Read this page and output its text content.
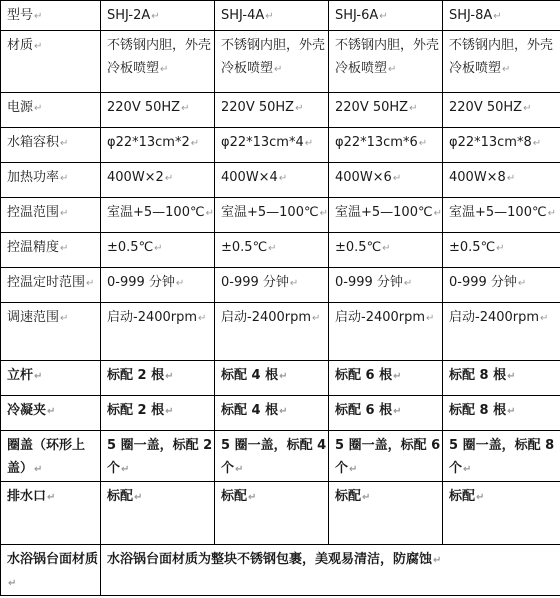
型号↵	SHJ-2A↵	SHJ-4A↵	SHJ-6A↵	SHJ-8A↵

材质↵	不锈钢内胆，外壳冷板喷塑↵	不锈钢内胆，外壳冷板喷塑↵	不锈钢内胆，外壳冷板喷塑↵	不锈钢内胆，外壳冷板喷塑↵

电源↵	220V 50HZ↵	220V 50HZ↵	220V 50HZ↵	220V 50HZ↵

水箱容积↵	φ22*13cm*2↵	φ22*13cm*4↵	φ22*13cm*6↵	φ22*13cm*8↵

加热功率↵	400W×2↵	400W×4↵	400W×6↵	400W×8↵

控温范围↵	室温+5—100℃↵	室温+5—100℃↵	室温+5—100℃↵	室温+5—100℃↵

控温精度↵	±0.5℃↵	±0.5℃↵	±0.5℃↵	±0.5℃↵

控温定时范围↵	0-999 分钟↵	0-999 分钟↵	0-999 分钟↵	0-999 分钟↵

调速范围↵	启动-2400rpm↵	启动-2400rpm↵	启动-2400rpm↵	启动-2400rpm↵

立杆↵	标配 2 根↵	标配 4 根↵	标配 6 根↵	标配 8 根↵

冷凝夹↵	标配 2 根↵	标配 4 根↵	标配 6 根↵	标配 8 根↵

圈盖（环形上盖）↵	5 圈一盖，标配 2 个↵	5 圈一盖，标配 4 个↵	5 圈一盖，标配 6 个↵	5 圈一盖，标配 8 个↵

排水口↵	标配↵	标配↵	标配↵	标配↵

水浴锅台面材质↵	水浴锅台面材质为整块不锈钢包裹，美观易清洁，防腐蚀↵			
